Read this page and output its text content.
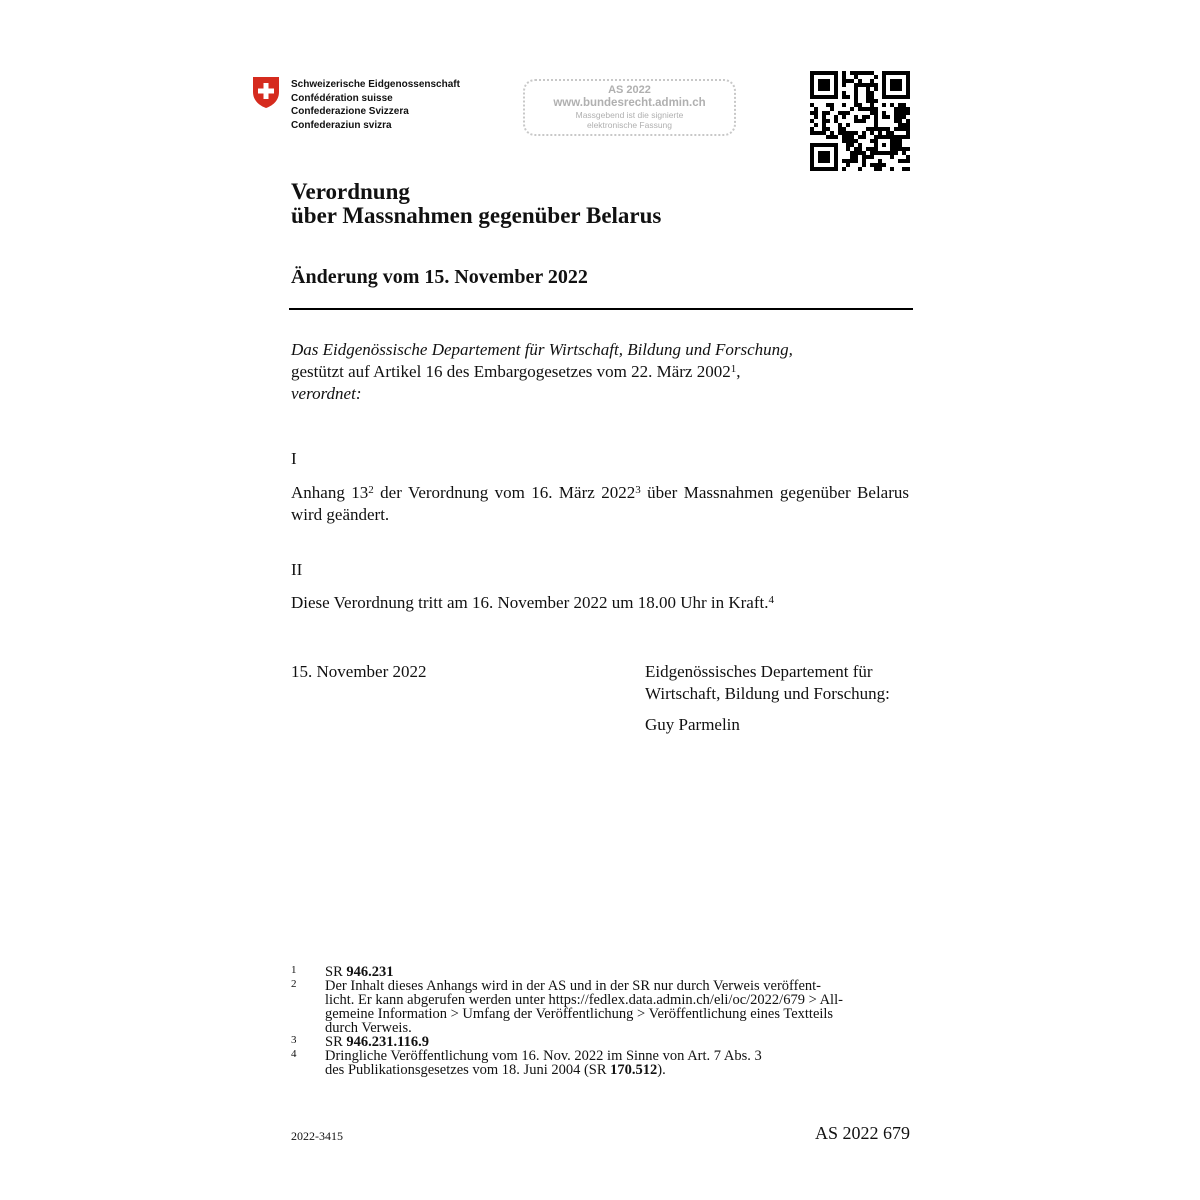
Schweizerische Eidgenossenschaft
Confédération suisse
Confederazione Svizzera
Confederaziun svizra
AS 2022
www.bundesrecht.admin.ch
Massgebend ist die signierte
elektronische Fassung
Verordnung
über Massnahmen gegenüber Belarus
Änderung vom 15. November 2022
Das Eidgenössische Departement für Wirtschaft, Bildung und Forschung,
gestützt auf Artikel 16 des Embargogesetzes vom 22. März 2002$^1$,
verordnet:
I
Anhang $13^2$ der Verordnung vom 16. März 2022$^3$ über Massnahmen gegenüber Belarus wird geändert.
II
Diese Verordnung tritt am 16. November 2022 um 18.00 Uhr in Kraft.$^4$
15. November 2022	Eidgenössisches Departement für
Wirtschaft, Bildung und Forschung:
Guy Parmelin
1 SR 946.231
2 Der Inhalt dieses Anhangs wird in der AS und in der SR nur durch Verweis veröffent-
licht. Er kann abgerufen werden unter https://fedlex.data.admin.ch/eli/oc/2022/679 > All-
gemeine Information > Umfang der Veröffentlichung > Veröffentlichung eines Textteils
durch Verweis.
3 SR 946.231.116.9
4 Dringliche Veröffentlichung vom 16. Nov. 2022 im Sinne von Art. 7 Abs. 3
des Publikationsgesetzes vom 18. Juni 2004 (SR 170.512).
2022-3415	AS 2022 679
